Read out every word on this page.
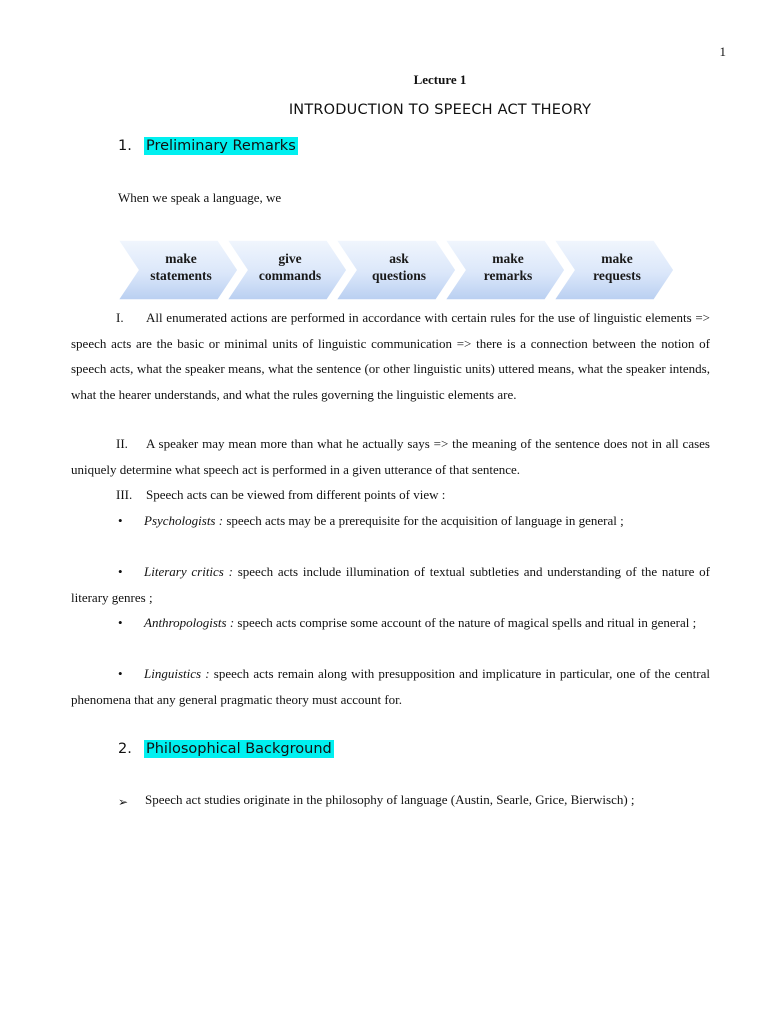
1
Lecture 1
INTRODUCTION TO SPEECH ACT THEORY
1. Preliminary Remarks
When we speak a language, we
make
statements
give
commands
ask
questions
make
remarks
make
requests
I. All enumerated actions are performed in accordance with certain rules for the use of linguistic elements => speech acts are the basic or minimal units of linguistic communication => there is a connection between the notion of speech acts, what the speaker means, what the sentence (or other linguistic units) uttered means, what the speaker intends, what the hearer understands, and what the rules governing the linguistic elements are.
II. A speaker may mean more than what he actually says => the meaning of the sentence does not in all cases uniquely determine what speech act is performed in a given utterance of that sentence.
III. Speech acts can be viewed from different points of view :
• Psychologists : speech acts may be a prerequisite for the acquisition of language in general ;
• Literary critics : speech acts include illumination of textual subtleties and understanding of the nature of literary genres ;
• Anthropologists : speech acts comprise some account of the nature of magical spells and ritual in general ;
• Linguistics : speech acts remain along with presupposition and implicature in particular, one of the central phenomena that any general pragmatic theory must account for.
2. Philosophical Background
➢	Speech act studies originate in the philosophy of language (Austin, Searle, Grice, Bierwisch) ;
